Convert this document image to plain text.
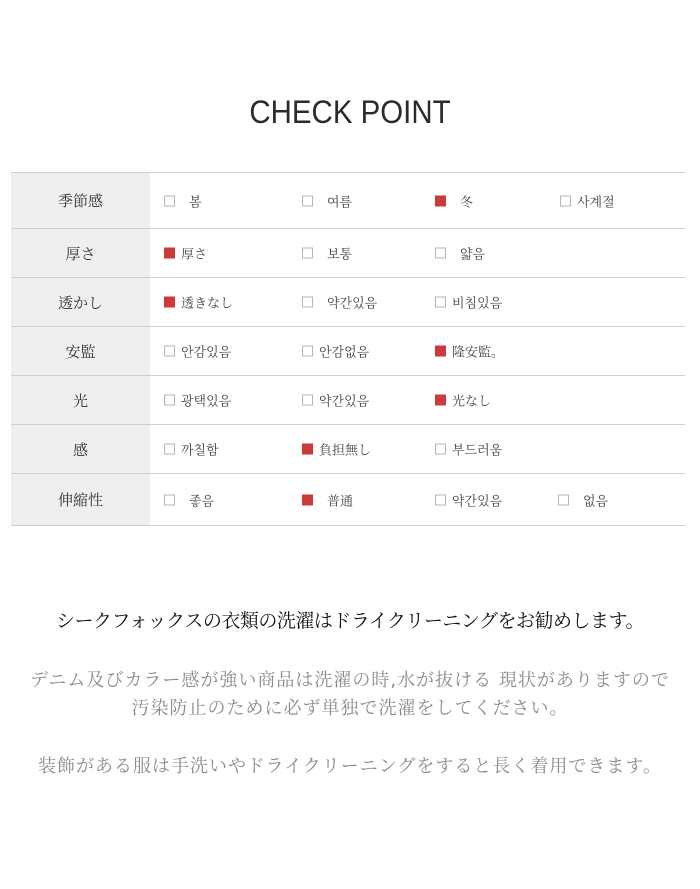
CHECK POINT
季節感	봄 여름 冬 사계절

厚さ	厚さ 보통 얇음

透かし	透きなし 약간있음 비침있음

安監	안감있음 안감없음 隆安監。

光	광택있음 약간있음 光なし

感	까칠함 負担無し 부드러움

伸縮性	좋음 普通 약간있음 없음
シークフォックスの衣類の洗濯はドライクリーニングをお勧めします。
デニム及びカラー感が強い商品は洗濯の時,水が抜ける 現状がありますので
汚染防止のために必ず単独で洗濯をしてください。
装飾がある服は手洗いやドライクリーニングをすると長く着用できます。
